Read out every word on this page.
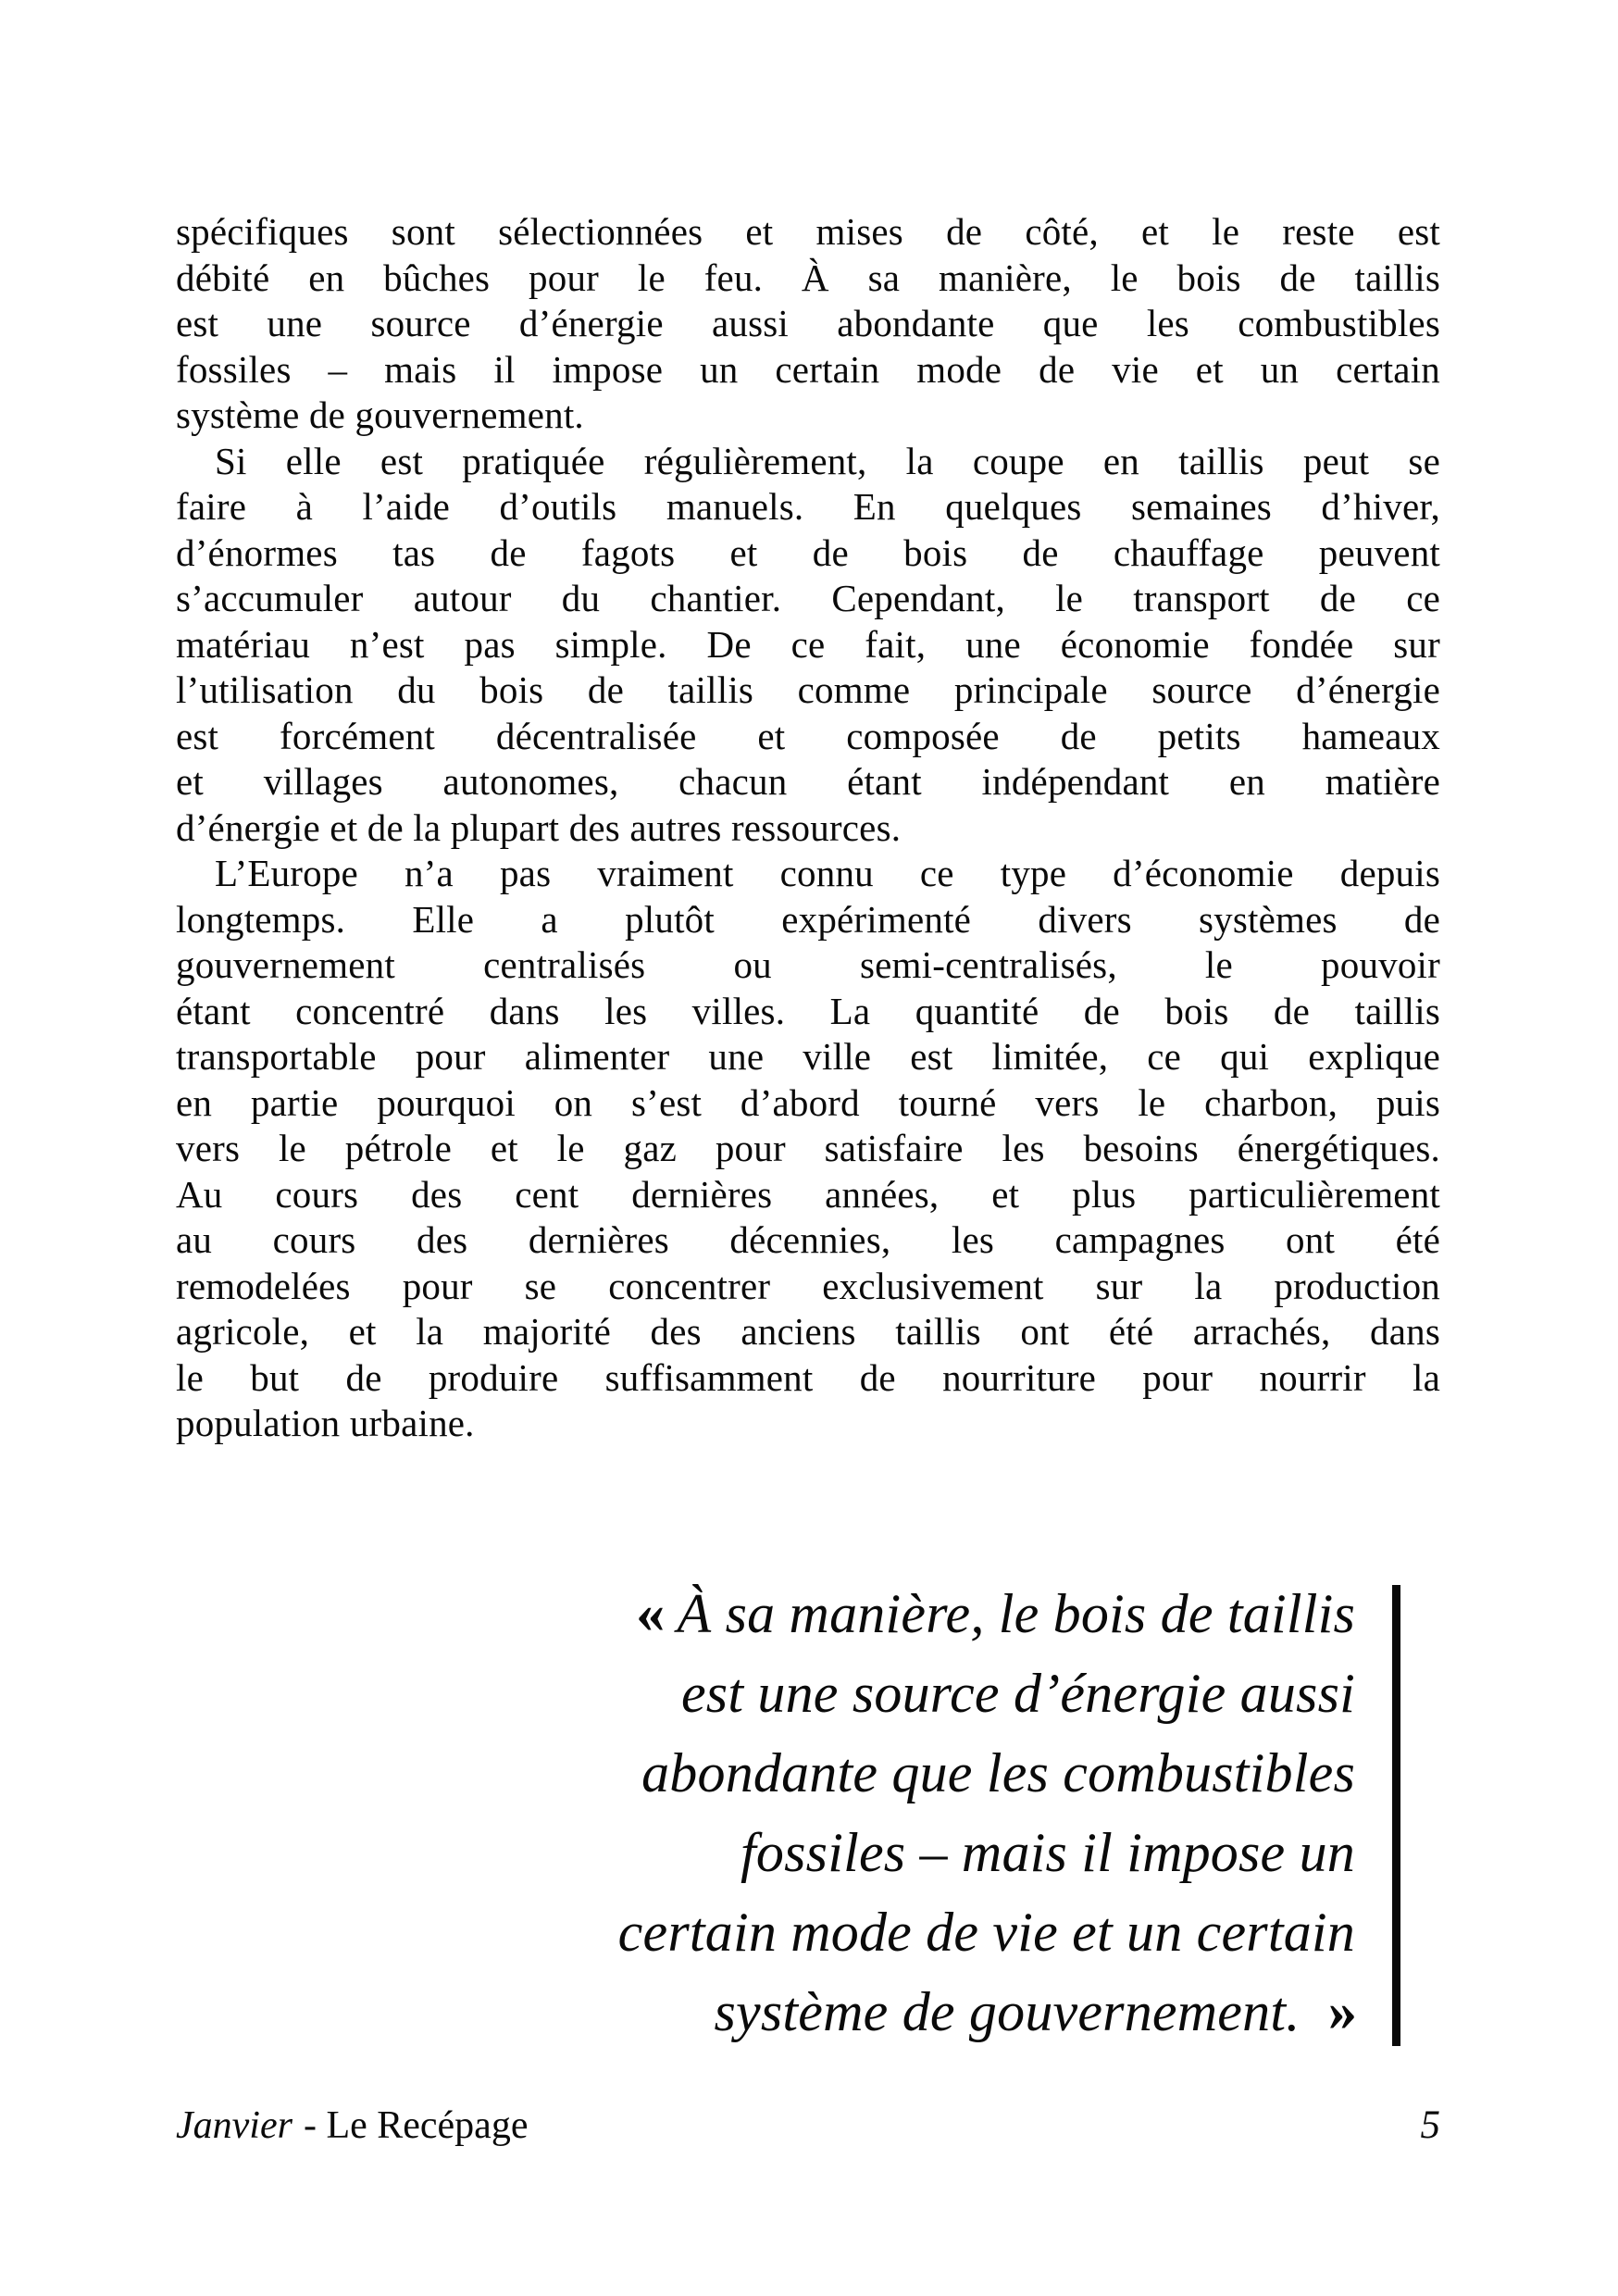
spécifiques sont sélectionnées et mises de côté, et le reste est
débité en bûches pour le feu. À sa manière, le bois de taillis
est une source d’énergie aussi abondante que les combustibles
fossiles – mais il impose un certain mode de vie et un certain
système de gouvernement.
Si elle est pratiquée régulièrement, la coupe en taillis peut se
faire à l’aide d’outils manuels. En quelques semaines d’hiver,
d’énormes tas de fagots et de bois de chauffage peuvent
s’accumuler autour du chantier. Cependant, le transport de ce
matériau n’est pas simple. De ce fait, une économie fondée sur
l’utilisation du bois de taillis comme principale source d’énergie
est forcément décentralisée et composée de petits hameaux
et villages autonomes, chacun étant indépendant en matière
d’énergie et de la plupart des autres ressources.
L’Europe n’a pas vraiment connu ce type d’économie depuis
longtemps. Elle a plutôt expérimenté divers systèmes de
gouvernement centralisés ou semi-centralisés, le pouvoir
étant concentré dans les villes. La quantité de bois de taillis
transportable pour alimenter une ville est limitée, ce qui explique
en partie pourquoi on s’est d’abord tourné vers le charbon, puis
vers le pétrole et le gaz pour satisfaire les besoins énergétiques.
Au cours des cent dernières années, et plus particulièrement
au cours des dernières décennies, les campagnes ont été
remodelées pour se concentrer exclusivement sur la production
agricole, et la majorité des anciens taillis ont été arrachés, dans
le but de produire suffisamment de nourriture pour nourrir la
population urbaine.
« À sa manière, le bois de taillis
est une source d’énergie aussi
abondante que les combustibles
fossiles – mais il impose un
certain mode de vie et un certain
système de gouvernement.  »
Janvier - Le Recépage	5
